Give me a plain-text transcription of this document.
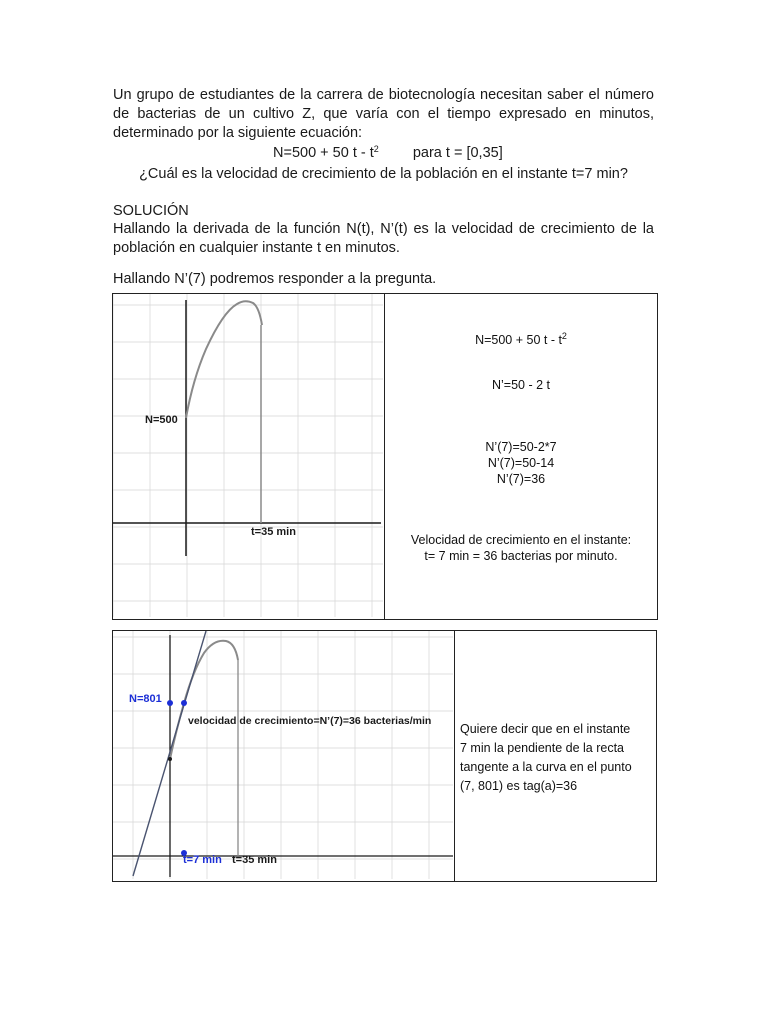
Un grupo de estudiantes de la carrera de biotecnología necesitan saber el número

de bacterias de un cultivo Z, que varía con el tiempo expresado en minutos,

determinado por la siguiente ecuación:

N=500 + 50 t - $t^2$ para t = [0,35]

¿Cuál es la velocidad de crecimiento de la población en el instante t=7 min?

SOLUCIÓN

Hallando la derivada de la función N(t), N’(t) es la velocidad de crecimiento de la

población en cualquier instante t en minutos.

Hallando N’(7) podremos responder a la pregunta.

N=500
t=35 min
N=500 + 50 t - $t^2$
N’=50 - 2 t
N’(7)=50-2*7
N’(7)=50-14
N’(7)=36
Velocidad de crecimiento en el instante:
t= 7 min = 36 bacterias por minuto.
N=801
velocidad de crecimiento=N’(7)=36 bacterias/min
t=7 min t=35 min
Quiere decir que en el instante
7 min la pendiente de la recta
tangente a la curva en el punto
(7, 801) es tag(a)=36
